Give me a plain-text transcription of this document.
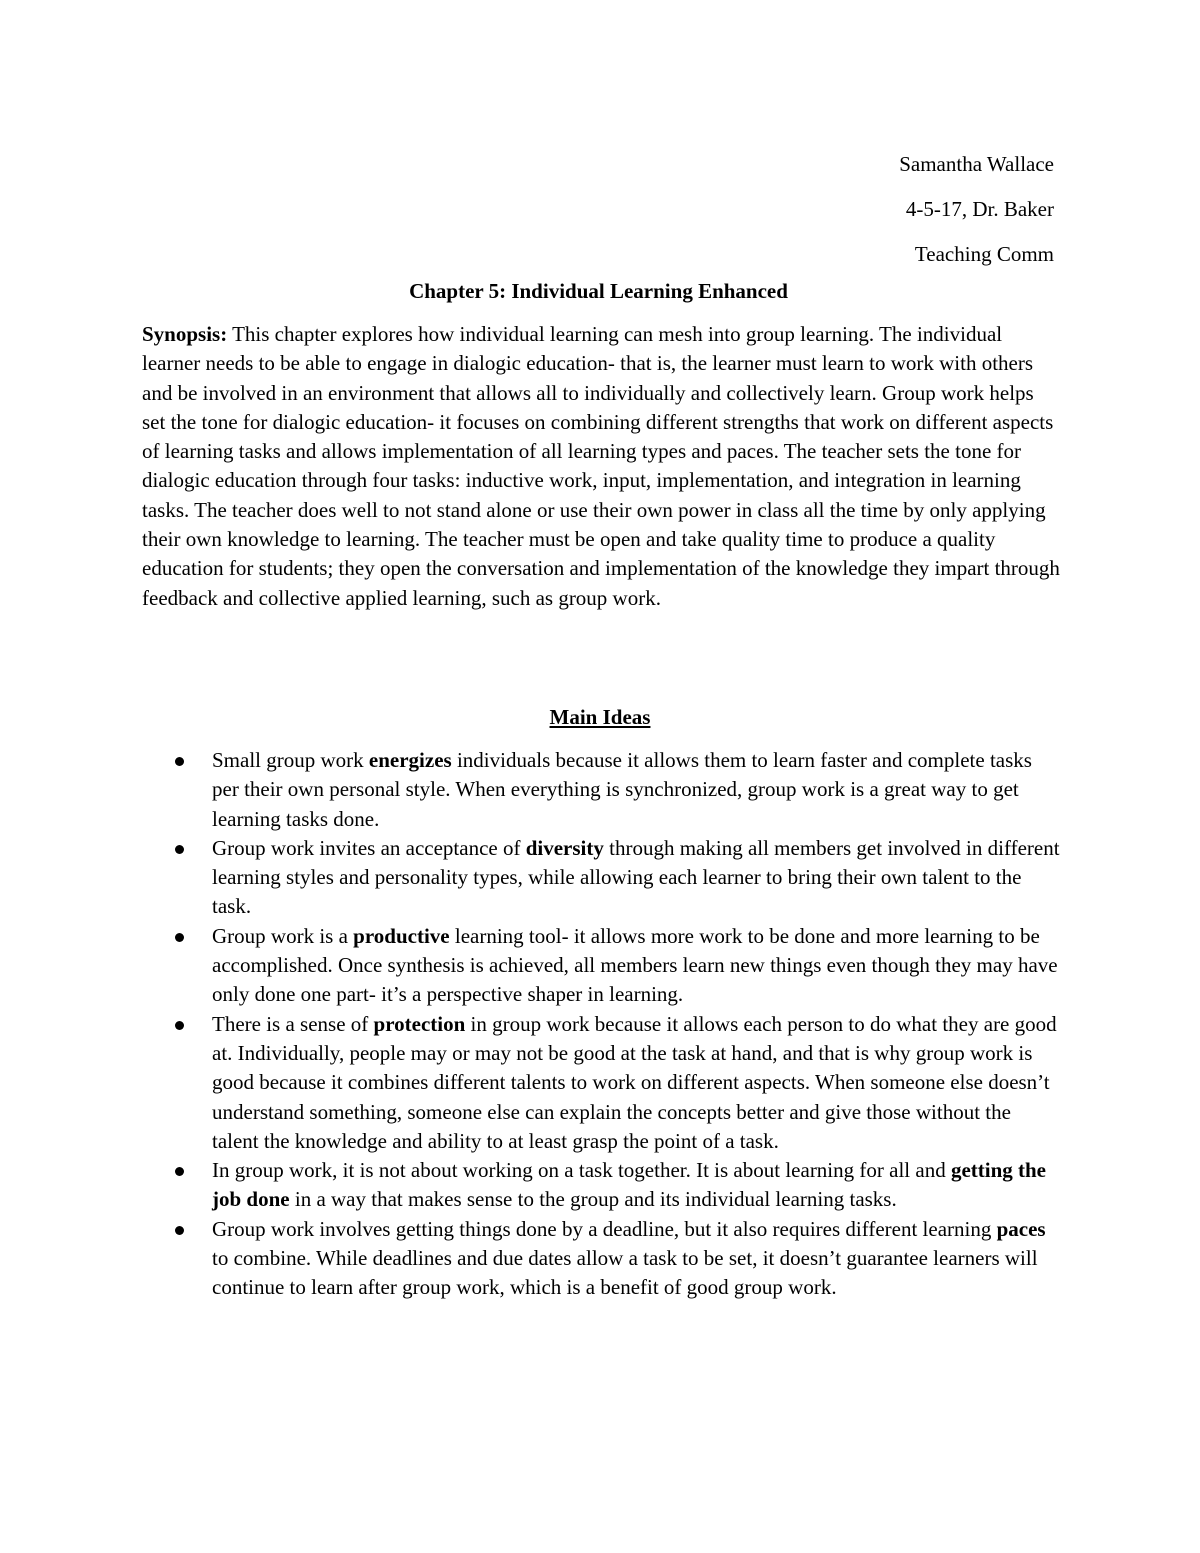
Samantha Wallace
4-5-17, Dr. Baker
Teaching Comm
Chapter 5: Individual Learning Enhanced

Synopsis: This chapter explores how individual learning can mesh into group learning. The individual learner needs to be able to engage in dialogic education- that is, the learner must learn to work with others and be involved in an environment that allows all to individually and collectively learn. Group work helps set the tone for dialogic education- it focuses on combining different strengths that work on different aspects of learning tasks and allows implementation of all learning types and paces. The teacher sets the tone for dialogic education through four tasks: inductive work, input, implementation, and integration in learning tasks. The teacher does well to not stand alone or use their own power in class all the time by only applying their own knowledge to learning. The teacher must be open and take quality time to produce a quality education for students; they open the conversation and implementation of the knowledge they impart through feedback and collective applied learning, such as group work.

Main Ideas
Small group work energizes individuals because it allows them to learn faster and complete tasks per their own personal style. When everything is synchronized, group work is a great way to get learning tasks done.
Group work invites an acceptance of diversity through making all members get involved in different learning styles and personality types, while allowing each learner to bring their own talent to the task.
Group work is a productive learning tool- it allows more work to be done and more learning to be accomplished. Once synthesis is achieved, all members learn new things even though they may have only done one part- it’s a perspective shaper in learning.
There is a sense of protection in group work because it allows each person to do what they are good at. Individually, people may or may not be good at the task at hand, and that is why group work is good because it combines different talents to work on different aspects. When someone else doesn’t understand something, someone else can explain the concepts better and give those without the talent the knowledge and ability to at least grasp the point of a task.
In group work, it is not about working on a task together. It is about learning for all and getting the job done in a way that makes sense to the group and its individual learning tasks.
Group work involves getting things done by a deadline, but it also requires different learning paces to combine. While deadlines and due dates allow a task to be set, it doesn’t guarantee learners will continue to learn after group work, which is a benefit of good group work.
